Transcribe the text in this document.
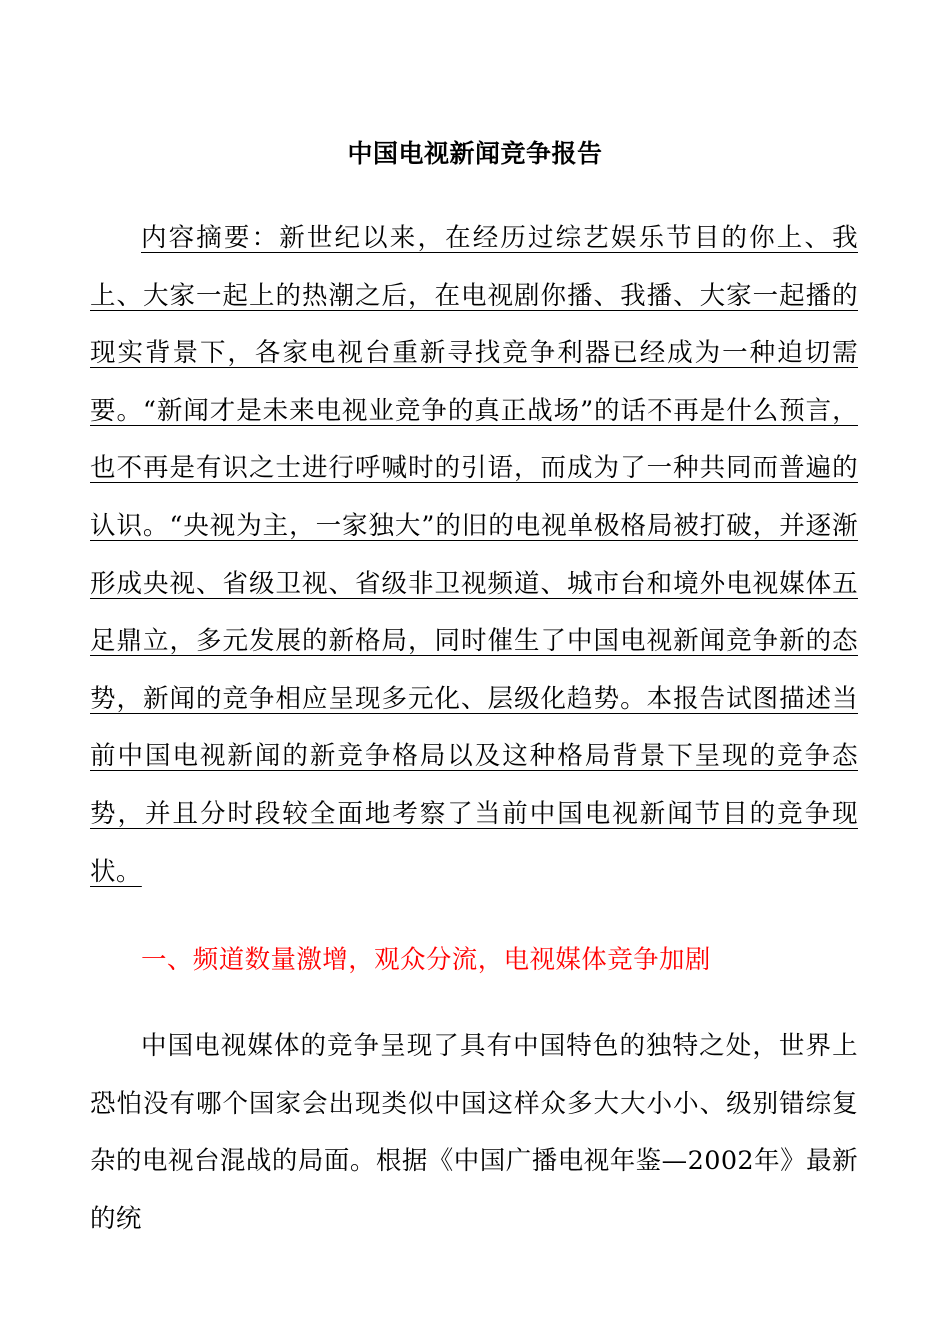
中国电视新闻竞争报告

内容摘要：新世纪以来，在经历过综艺娱乐节目的你上、我上、大家一起上的热潮之后，在电视剧你播、我播、大家一起播的现实背景下，各家电视台重新寻找竞争利器已经成为一种迫切需要。“新闻才是未来电视业竞争的真正战场”的话不再是什么预言，也不再是有识之士进行呼喊时的引语，而成为了一种共同而普遍的认识。“央视为主，一家独大”的旧的电视单极格局被打破，并逐渐形成央视、省级卫视、省级非卫视频道、城市台和境外电视媒体五足鼎立，多元发展的新格局，同时催生了中国电视新闻竞争新的态势，新闻的竞争相应呈现多元化、层级化趋势。本报告试图描述当前中国电视新闻的新竞争格局以及这种格局背景下呈现的竞争态势，并且分时段较全面地考察了当前中国电视新闻节目的竞争现状。

一、频道数量激增，观众分流，电视媒体竞争加剧

中国电视媒体的竞争呈现了具有中国特色的独特之处，世界上恐怕没有哪个国家会出现类似中国这样众多大大小小、级别错综复杂的电视台混战的局面。根据《中国广播电视年鉴—2002年》最新的统
